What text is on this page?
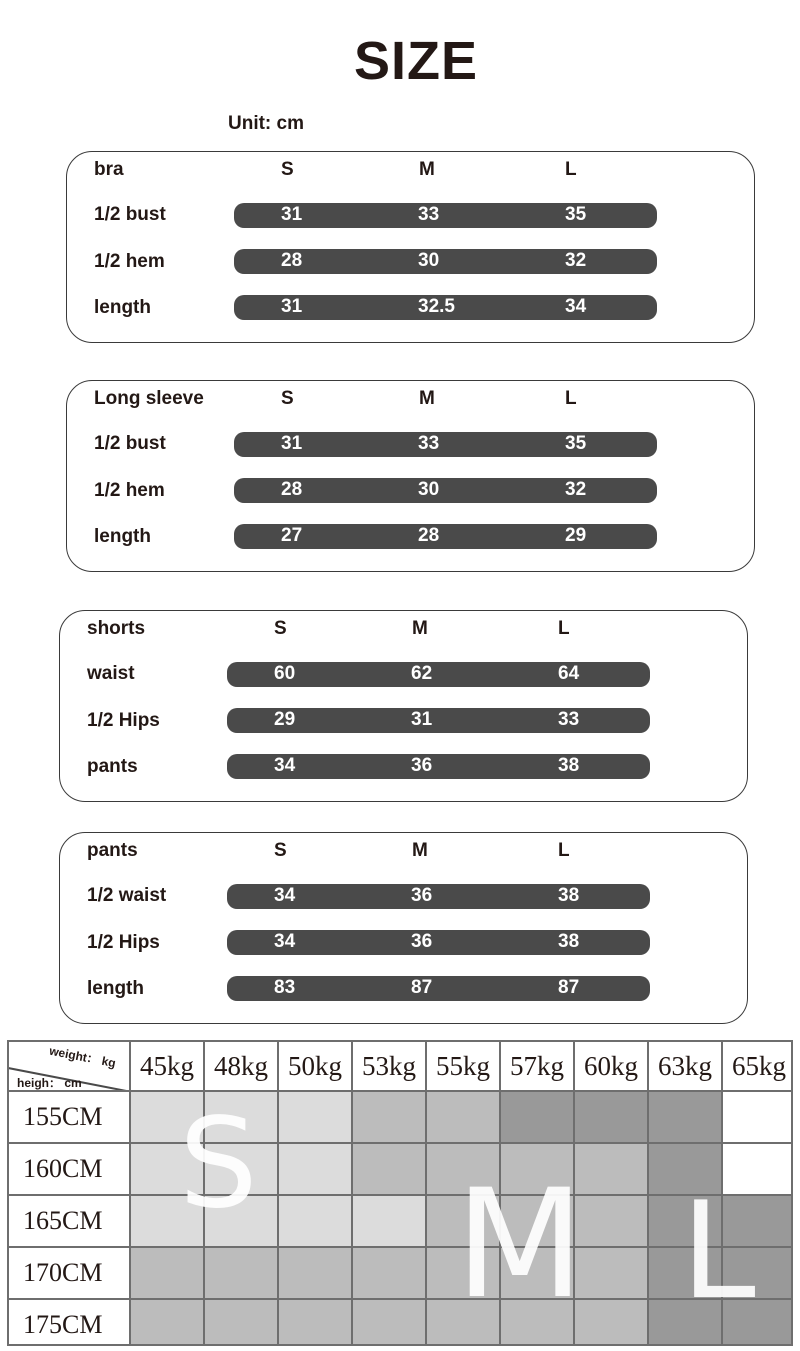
SIZE
Unit: cm
bra	S	M	L
1/2 bust	31	33	35
1/2 hem	28	30	32
length	31	32.5	34
Long sleeve	S	M	L
1/2 bust	31	33	35
1/2 hem	28	30	32
length	27	28	29
shorts	S	M	L
waist	60	62	64
1/2 Hips	29	31	33
pants	34	36	38
pants	S	M	L
1/2 waist	34	36	38
1/2 Hips	34	36	38
length	83	87	87
weight： kg
heigh： cm
45kg 48kg 50kg 53kg 55kg 57kg 60kg 63kg 65kg
155CM
160CM
165CM
170CM
175CM
S M L
